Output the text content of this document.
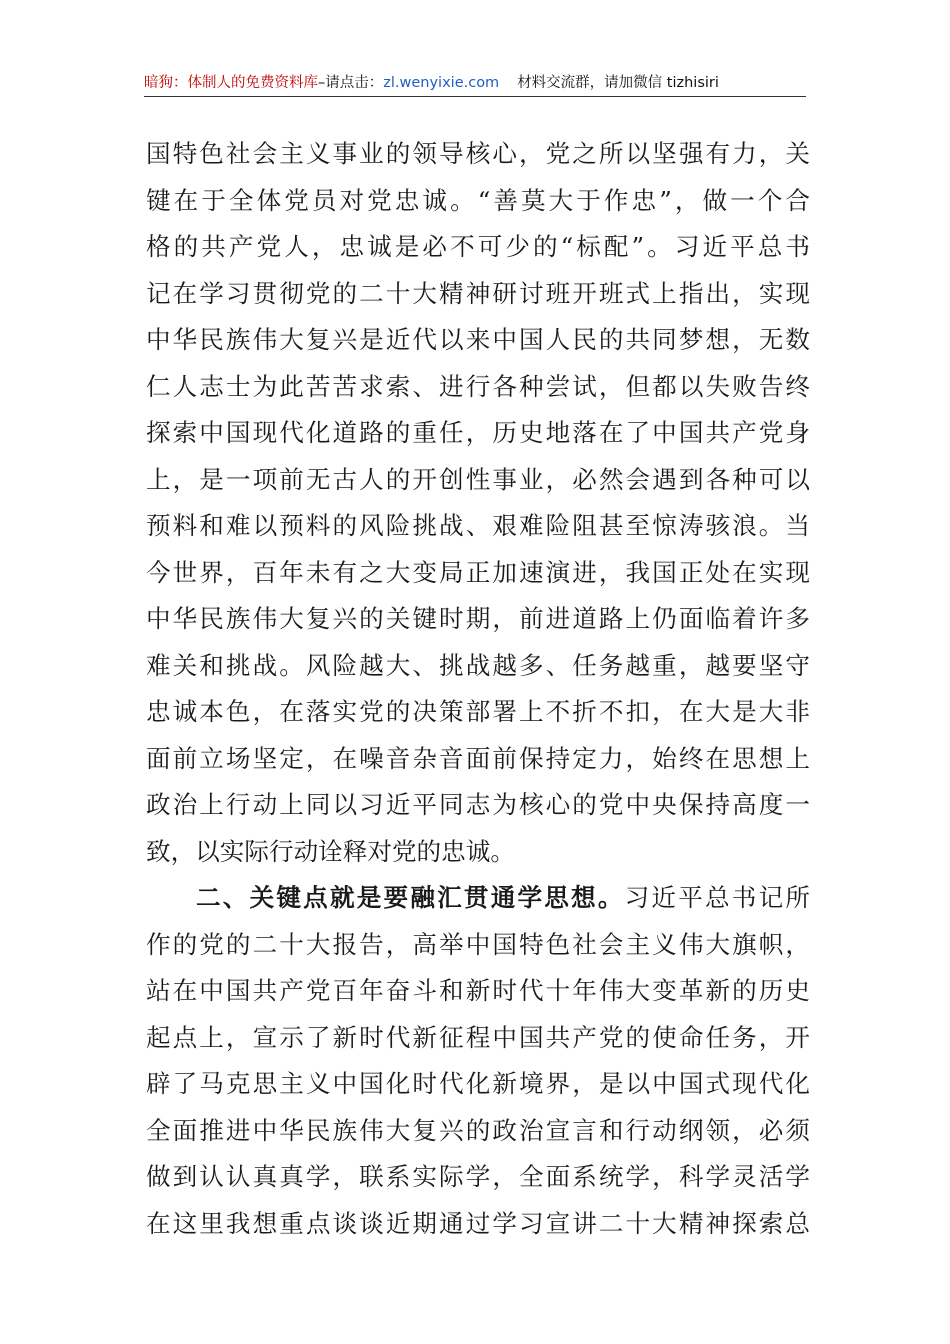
暗狗：体制人的免费资料库 –请点击： zl.wenyixie.com 材料交流群，请加微信 tizhisiri
国特色社会主义事业的领导核心，党之所以坚强有力，关
键在于全体党员对党忠诚。“善莫大于作忠”，做一个合
格的共产党人，忠诚是必不可少的“标配”。习近平总书
记在学习贯彻党的二十大精神研讨班开班式上指出，实现
中华民族伟大复兴是近代以来中国人民的共同梦想，无数
仁人志士为此苦苦求索、进行各种尝试，但都以失败告终
探索中国现代化道路的重任，历史地落在了中国共产党身
上，是一项前无古人的开创性事业，必然会遇到各种可以
预料和难以预料的风险挑战、艰难险阻甚至惊涛骇浪。当
今世界，百年未有之大变局正加速演进，我国正处在实现
中华民族伟大复兴的关键时期，前进道路上仍面临着许多
难关和挑战。风险越大、挑战越多、任务越重，越要坚守
忠诚本色，在落实党的决策部署上不折不扣，在大是大非
面前立场坚定，在噪音杂音面前保持定力，始终在思想上
政治上行动上同以习近平同志为核心的党中央保持高度一
致，以实际行动诠释对党的忠诚。
二、关键点就是要融汇贯通学思想。习近平总书记所
作的党的二十大报告，高举中国特色社会主义伟大旗帜，
站在中国共产党百年奋斗和新时代十年伟大变革新的历史
起点上，宣示了新时代新征程中国共产党的使命任务，开
辟了马克思主义中国化时代化新境界，是以中国式现代化
全面推进中华民族伟大复兴的政治宣言和行动纲领，必须
做到认认真真学，联系实际学，全面系统学，科学灵活学
在这里我想重点谈谈近期通过学习宣讲二十大精神探索总
